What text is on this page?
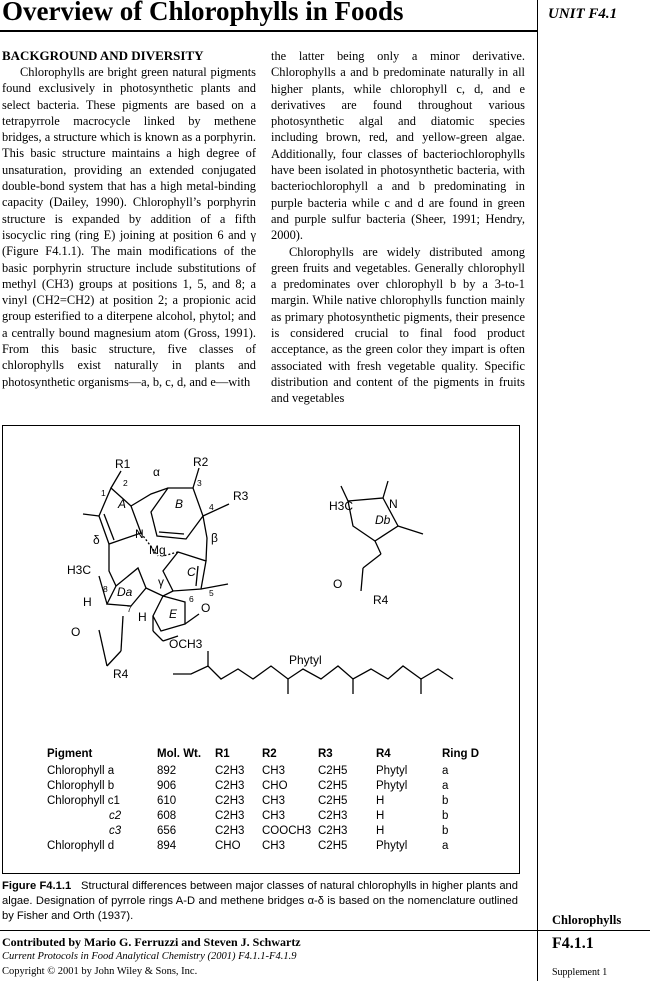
Overview of Chlorophylls in Foods	UNIT F4.1
BACKGROUND AND DIVERSITY

Chlorophylls are bright green natural pigments found exclusively in photosynthetic plants and select bacteria. These pigments are based on a tetrapyrrole macrocycle linked by methene bridges, a structure which is known as a porphyrin. This basic structure maintains a high degree of unsaturation, providing an extended conjugated double-bond system that has a high metal-binding capacity (Dailey, 1990). Chlorophyll’s porphyrin structure is expanded by addition of a fifth isocyclic ring (ring E) joining at position 6 and γ (Figure F4.1.1). The main modifications of the basic porphyrin structure include substitutions of methyl (CH3) groups at positions 1, 5, and 8; a vinyl (CH2=CH2) at position 2; a propionic acid group esterified to a diterpene alcohol, phytol; and a centrally bound magnesium atom (Gross, 1991). From this basic structure, five classes of chlorophylls exist naturally in plants and photosynthetic organisms—a, b, c, d, and e—with

the latter being only a minor derivative. Chlorophylls a and b predominate naturally in all higher plants, while chlorophyll c, d, and e derivatives are found throughout various photosynthetic algal and diatomic species including brown, red, and yellow-green algae. Additionally, four classes of bacteriochlorophylls have been isolated in photosynthetic bacteria, with bacteriochlorophyll a and b predominating in purple bacteria while c and d are found in green and purple sulfur bacteria (Sheer, 1991; Hendry, 2000).

Chlorophylls are widely distributed among green fruits and vegetables. Generally chlorophyll a predominates over chlorophyll b by a 3-to-1 margin. While native chlorophylls function mainly as primary photosynthetic pigments, their presence is considered crucial to final food product acceptance, as the green color they impart is often associated with fresh vegetable quality. Specific distribution and content of the pigments in fruits and vegetables

R1	R2
R3
α
β
γ
δ
A	B
C
Da
E
Db
Mg
N
H3C
H
H
O
OCH3
O
R4
H3C	N
O
R4
Phytyl
1
2	3
4
5
6
7
8
Pigment	Mol. Wt.	R1	R2	R3	R4	Ring D
Chlorophyll a	892	C2H3	CH3	C2H5	Phytyl	a
Chlorophyll b	906	C2H3	CHO	C2H5	Phytyl	a
Chlorophyll c1	610	C2H3	CH3	C2H5	H	b
c2	608	C2H3	CH3	C2H3	H	b
c3	656	C2H3	COOCH3	C2H3	H	b
Chlorophyll d	894	CHO	CH3	C2H5	Phytyl	a
Figure F4.1.1 Structural differences between major classes of natural chlorophylls in higher plants and algae. Designation of pyrrole rings A-D and methene bridges α-δ is based on the nomenclature outlined by Fisher and Orth (1937).
Contributed by Mario G. Ferruzzi and Steven J. Schwartz
Current Protocols in Food Analytical Chemistry (2001) F4.1.1-F4.1.9
Copyright © 2001 by John Wiley & Sons, Inc.
Chlorophylls
F4.1.1
Supplement 1
